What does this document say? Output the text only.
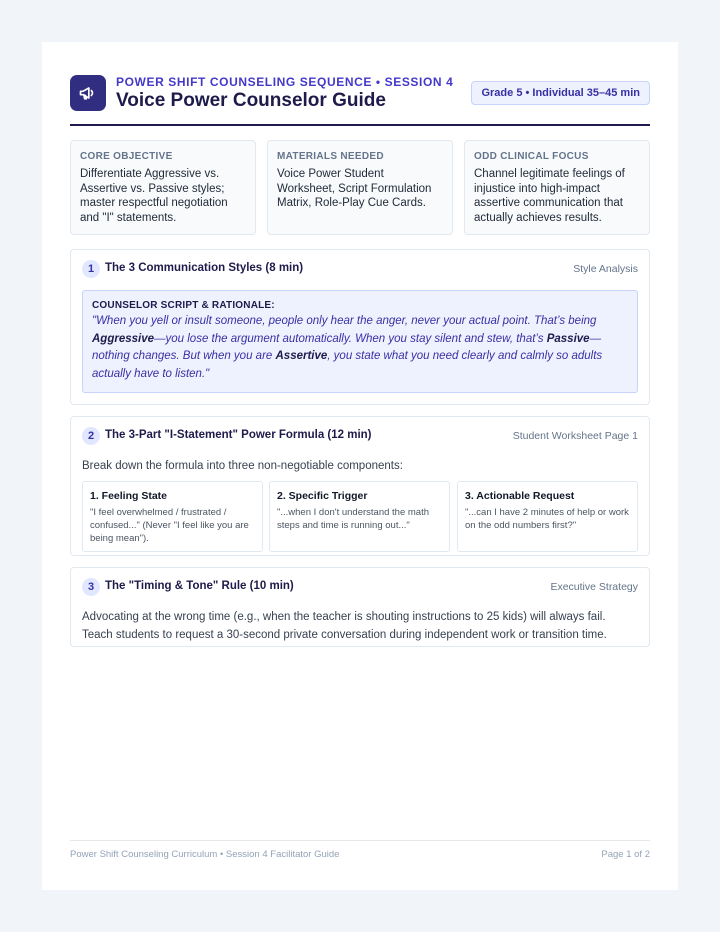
POWER SHIFT COUNSELING SEQUENCE • SESSION 4
Voice Power Counselor Guide	Grade 5 • Individual 35–45 min
CORE OBJECTIVE
Differentiate Aggressive vs. Assertive vs. Passive styles; master respectful negotiation and "I" statements.
MATERIALS NEEDED
Voice Power Student Worksheet, Script Formulation Matrix, Role-Play Cue Cards.
ODD CLINICAL FOCUS
Channel legitimate feelings of injustice into high-impact assertive communication that actually achieves results.
1 The 3 Communication Styles (8 min)	Style Analysis
COUNSELOR SCRIPT & RATIONALE:
"When you yell or insult someone, people only hear the anger, never your actual point. That’s being Aggressive—you lose the argument automatically. When you stay silent and stew, that’s Passive—nothing changes. But when you are Assertive, you state what you need clearly and calmly so adults actually have to listen."
2 The 3-Part "I-Statement" Power Formula (12 min)	Student Worksheet Page 1
Break down the formula into three non-negotiable components:
1. Feeling State
"I feel overwhelmed / frustrated / confused..." (Never "I feel like you are being mean").
2. Specific Trigger
"...when I don't understand the math steps and time is running out..."
3. Actionable Request
"...can I have 2 minutes of help or work on the odd numbers first?"
3 The "Timing & Tone" Rule (10 min)	Executive Strategy
Advocating at the wrong time (e.g., when the teacher is shouting instructions to 25 kids) will always fail. Teach students to request a 30-second private conversation during independent work or transition time.
Power Shift Counseling Curriculum • Session 4 Facilitator Guide	Page 1 of 2
